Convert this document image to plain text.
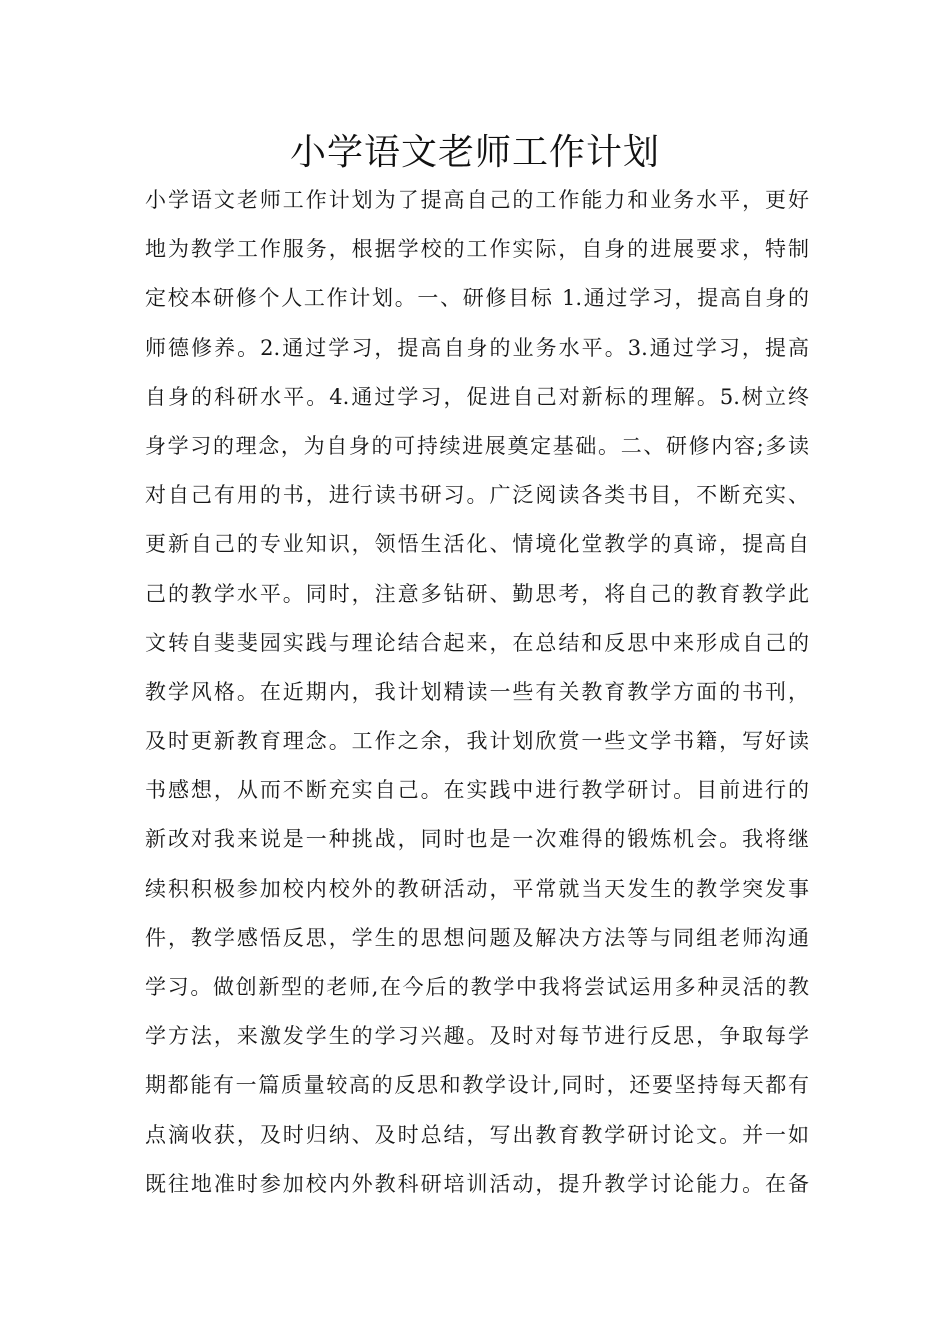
小学语文老师工作计划
小学语文老师工作计划为了提高自己的工作能力和业务水平，更好
地为教学工作服务，根据学校的工作实际，自身的进展要求，特制
定校本研修个人工作计划。一、研修目标 1.通过学习，提高自身的
师德修养。2.通过学习，提高自身的业务水平。3.通过学习，提高
自身的科研水平。4.通过学习，促进自己对新标的理解。5.树立终
身学习的理念，为自身的可持续进展奠定基础。二、研修内容;多读
对自己有用的书，进行读书研习。广泛阅读各类书目，不断充实、
更新自己的专业知识，领悟生活化、情境化堂教学的真谛，提高自
己的教学水平。同时，注意多钻研、勤思考，将自己的教育教学此
文转自斐斐园实践与理论结合起来，在总结和反思中来形成自己的
教学风格。在近期内，我计划精读一些有关教育教学方面的书刊，
及时更新教育理念。工作之余，我计划欣赏一些文学书籍，写好读
书感想，从而不断充实自己。在实践中进行教学研讨。目前进行的
新改对我来说是一种挑战，同时也是一次难得的锻炼机会。我将继
续积积极参加校内校外的教研活动，平常就当天发生的教学突发事
件，教学感悟反思，学生的思想问题及解决方法等与同组老师沟通
学习。做创新型的老师,在今后的教学中我将尝试运用多种灵活的教
学方法，来激发学生的学习兴趣。及时对每节进行反思，争取每学
期都能有一篇质量较高的反思和教学设计,同时，还要坚持每天都有
点滴收获，及时归纳、及时总结，写出教育教学研讨论文。并一如
既往地准时参加校内外教科研培训活动，提升教学讨论能力。在备
